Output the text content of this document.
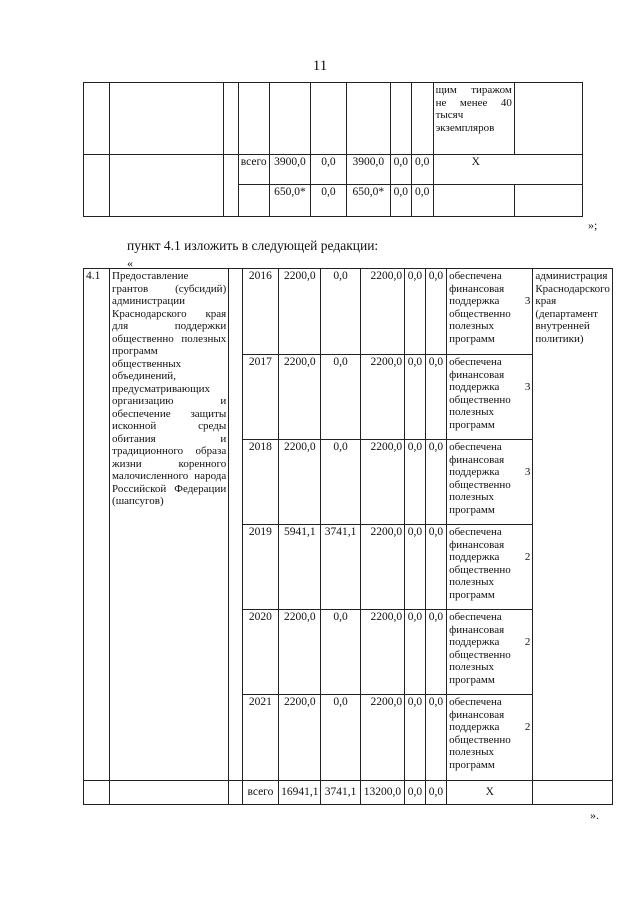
11
									щим тиражом не менее 40 тысяч экземпляров	
			всего	3900,0	0,0	3900,0	0,0	0,0	X	
				650,0*	0,0	650,0*	0,0	0,0		
»;
пункт 4.1 изложить в следующей редакции:
«
4.1	Предоставление грантов (субсидий) администрации Краснодарского края для поддержки общественно полезных программ общественных объединений, предусматривающих организацию и обеспечение защиты исконной среды обитания и традиционного образа жизни коренного малочисленного народа Российской Федерации (шапсугов)		2016	2200,0	0,0	2200,0	0,0	0,0	обеспечена финансовая поддержка 3 общественно полезных программ	администрация Краснодарского края (департамент внутренней политики)
			2017	2200,0	0,0	2200,0	0,0	0,0	обеспечена финансовая поддержка 3 общественно полезных программ	
			2018	2200,0	0,0	2200,0	0,0	0,0	обеспечена финансовая поддержка 3 общественно полезных программ	
			2019	5941,1	3741,1	2200,0	0,0	0,0	обеспечена финансовая поддержка 2 общественно полезных программ	
			2020	2200,0	0,0	2200,0	0,0	0,0	обеспечена финансовая поддержка 2 общественно полезных программ	
			2021	2200,0	0,0	2200,0	0,0	0,0	обеспечена финансовая поддержка 2 общественно полезных программ	
			всего	16941,1	3741,1	13200,0	0,0	0,0	X	
».
